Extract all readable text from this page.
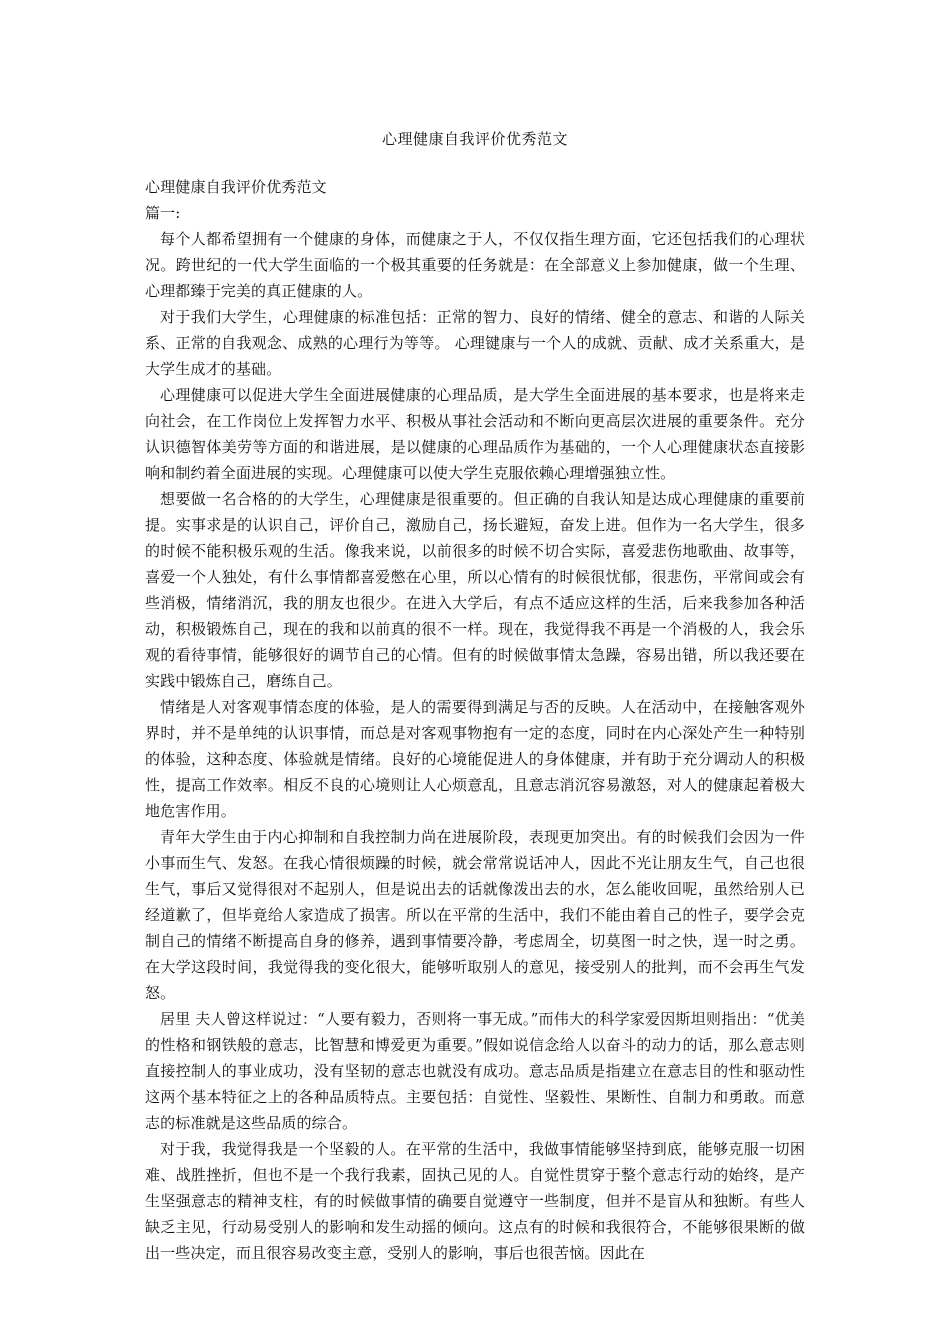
心理健康自我评价优秀范文

心理健康自我评价优秀范文

篇一:

每个人都希望拥有一个健康的身体，而健康之于人，不仅仅指生理方面，它还包括我们的心理状况。跨世纪的一代大学生面临的一个极其重要的任务就是：在全部意义上参加健康，做一个生理、心理都臻于完美的真正健康的人。

对于我们大学生，心理健康的标准包括：正常的智力、良好的情绪、健全的意志、和谐的人际关系、正常的自我观念、成熟的心理行为等等。 心理键康与一个人的成就、贡献、成才关系重大，是大学生成才的基础。

心理健康可以促进大学生全面进展健康的心理品质，是大学生全面进展的基本要求，也是将来走向社会，在工作岗位上发挥智力水平、积极从事社会活动和不断向更高层次进展的重要条件。充分认识德智体美劳等方面的和谐进展，是以健康的心理品质作为基础的，一个人心理健康状态直接影响和制约着全面进展的实现。心理健康可以使大学生克服依赖心理增强独立性。

想要做一名合格的的大学生，心理健康是很重要的。但正确的自我认知是达成心理健康的重要前提。实事求是的认识自己，评价自己，激励自己，扬长避短，奋发上进。但作为一名大学生，很多的时候不能积极乐观的生活。像我来说，以前很多的时候不切合实际，喜爱悲伤地歌曲、故事等，喜爱一个人独处，有什么事情都喜爱憋在心里，所以心情有的时候很忧郁，很悲伤，平常间或会有些消极，情绪消沉，我的朋友也很少。在进入大学后，有点不适应这样的生活，后来我参加各种活动，积极锻炼自己，现在的我和以前真的很不一样。现在，我觉得我不再是一个消极的人，我会乐观的看待事情，能够很好的调节自己的心情。但有的时候做事情太急躁，容易出错，所以我还要在实践中锻炼自己，磨练自己。

情绪是人对客观事情态度的体验，是人的需要得到满足与否的反映。人在活动中，在接触客观外界时，并不是单纯的认识事情，而总是对客观事物抱有一定的态度，同时在内心深处产生一种特别的体验，这种态度、体验就是情绪。良好的心境能促进人的身体健康，并有助于充分调动人的积极性，提高工作效率。相反不良的心境则让人心烦意乱，且意志消沉容易激怒，对人的健康起着极大地危害作用。

青年大学生由于内心抑制和自我控制力尚在进展阶段，表现更加突出。有的时候我们会因为一件小事而生气、发怒。在我心情很烦躁的时候，就会常常说话冲人，因此不光让朋友生气，自己也很生气，事后又觉得很对不起别人，但是说出去的话就像泼出去的水，怎么能收回呢，虽然给别人已经道歉了，但毕竟给人家造成了损害。所以在平常的生活中，我们不能由着自己的性子，要学会克制自己的情绪不断提高自身的修养，遇到事情要冷静，考虑周全，切莫图一时之快，逞一时之勇。在大学这段时间，我觉得我的变化很大，能够听取别人的意见，接受别人的批判，而不会再生气发怒。

居里 夫人曾这样说过：“人要有毅力，否则将一事无成。”而伟大的科学家爱因斯坦则指出：“优美的性格和钢铁般的意志，比智慧和博爱更为重要。”假如说信念给人以奋斗的动力的话，那么意志则直接控制人的事业成功，没有坚韧的意志也就没有成功。意志品质是指建立在意志目的性和驱动性这两个基本特征之上的各种品质特点。主要包括：自觉性、坚毅性、果断性、自制力和勇敢。而意志的标准就是这些品质的综合。

对于我，我觉得我是一个坚毅的人。在平常的生活中，我做事情能够坚持到底，能够克服一切困难、战胜挫折，但也不是一个我行我素，固执己见的人。自觉性贯穿于整个意志行动的始终，是产生坚强意志的精神支柱，有的时候做事情的确要自觉遵守一些制度，但并不是盲从和独断。有些人缺乏主见，行动易受别人的影响和发生动摇的倾向。这点有的时候和我很符合，不能够很果断的做出一些决定，而且很容易改变主意，受别人的影响，事后也很苦恼。因此在
